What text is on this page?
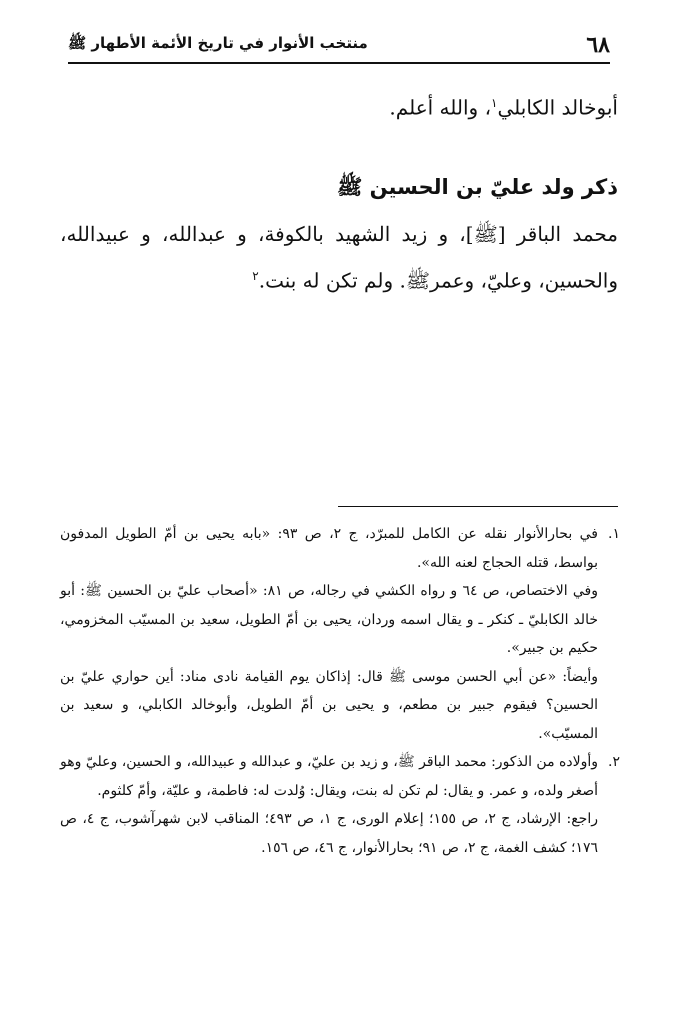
٦٨
منتخب الأنوار في تاريخ الأئمة الأطهار ﷺ

أبوخالد الكابلي$^١$، والله أعلم.

ذكر ولد عليّ بن الحسين ﷺ

محمد الباقر [ﷺ]، و زيد الشهيد بالكوفة، و عبدالله، و عبيدالله، والحسين، وعليّ، وعمرﷺ. ولم تكن له بنت.$^٢$

١.

في بحارالأنوار نقله عن الكامل للمبرّد، ج ٢، ص ٩٣: «بابه يحيى بن أمّ الطويل المدفون بواسط، قتله الحجاج لعنه الله».

وفي الاختصاص، ص ٦٤ و رواه الكشي في رجاله، ص ٨١: «أصحاب عليّ بن الحسين ﷺ: أبو خالد الكابليّ ـ كنكر ـ و يقال اسمه وردان، يحيى بن أمّ الطويل، سعيد بن المسيّب المخزومي، حكيم بن جبير».

وأيضاً: «عن أبي الحسن موسى ﷺ قال: إذاكان يوم القيامة نادى مناد: أين حواري عليّ بن الحسين؟ فيقوم جبير بن مطعم، و يحيى بن أمّ الطويل، وأبوخالد الكابلي، و سعيد بن المسيّب».

٢.

وأولاده من الذكور: محمد الباقر ﷺ، و زيد بن عليّ، و عبدالله و عبيدالله، و الحسين، وعليّ وهو أصغر ولده، و عمر. و يقال: لم تكن له بنت، ويقال: وُلدت له: فاطمة، و عليّة، وأمّ كلثوم.

راجع: الإرشاد، ج ٢، ص ١٥٥؛ إعلام الورى، ج ١، ص ٤٩٣؛ المناقب لابن شهرآشوب، ج ٤، ص ١٧٦؛ كشف الغمة، ج ٢، ص ٩١؛ بحارالأنوار، ج ٤٦، ص ١٥٦.
